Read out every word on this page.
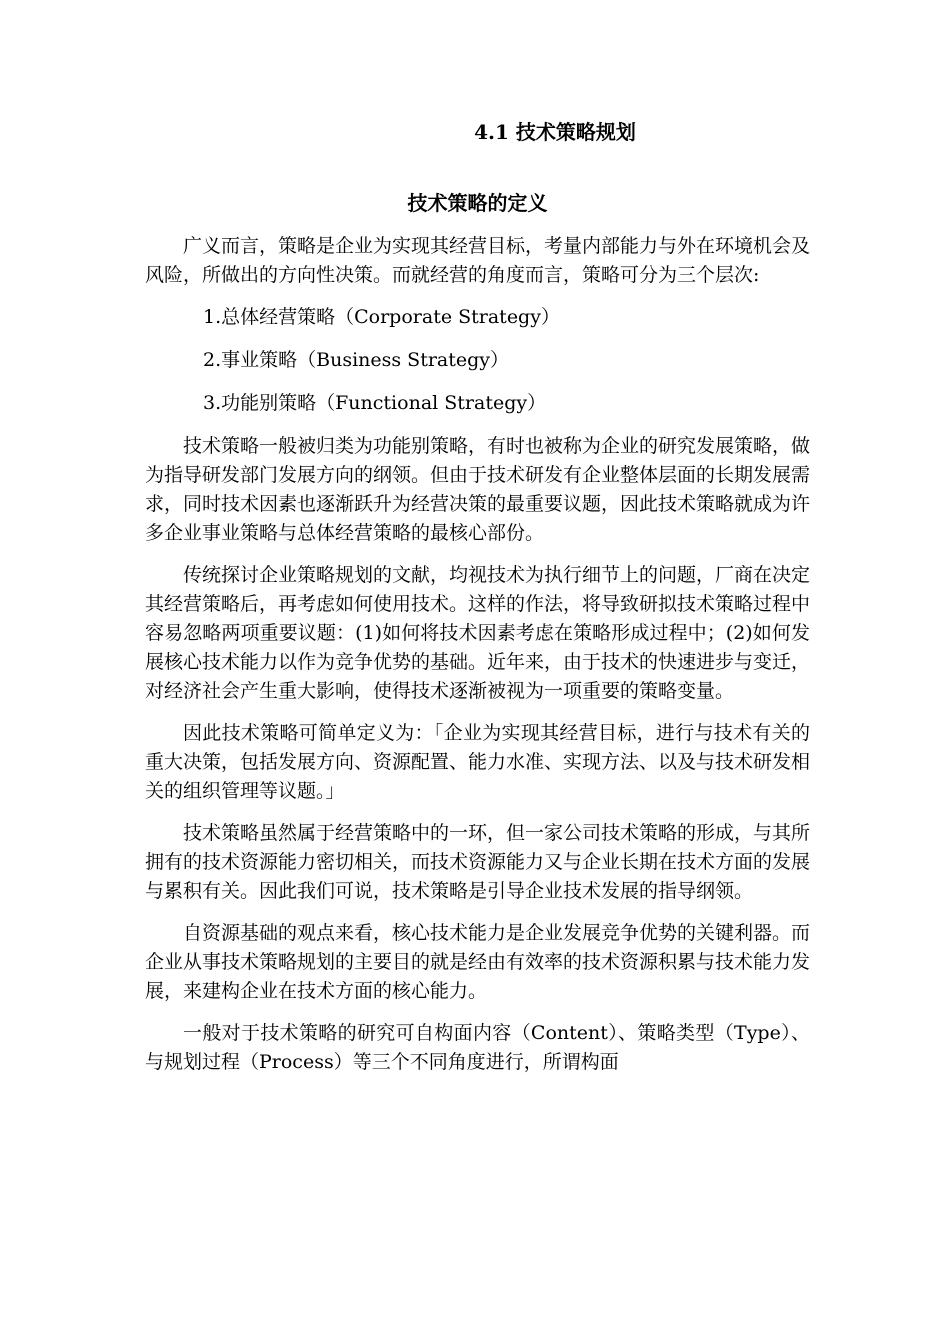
4.1 技术策略规划
技术策略的定义

广义而言，策略是企业为实现其经营目标，考量内部能力与外在环境机会及风险，所做出的方向性决策。而就经营的角度而言，策略可分为三个层次:

1.总体经营策略（Corporate Strategy）

2.事业策略（Business Strategy）

3.功能别策略（Functional Strategy）

技术策略一般被归类为功能别策略，有时也被称为企业的研究发展策略，做为指导研发部门发展方向的纲领。但由于技术研发有企业整体层面的长期发展需求，同时技术因素也逐渐跃升为经营决策的最重要议题，因此技术策略就成为许多企业事业策略与总体经营策略的最核心部份。

传统探讨企业策略规划的文献，均视技术为执行细节上的问题，厂商在决定其经营策略后，再考虑如何使用技术。这样的作法，将导致研拟技术策略过程中容易忽略两项重要议题：(1)如何将技术因素考虑在策略形成过程中；(2)如何发展核心技术能力以作为竞争优势的基础。近年来，由于技术的快速进步与变迁，对经济社会产生重大影响，使得技术逐渐被视为一项重要的策略变量。

因此技术策略可简单定义为：「企业为实现其经营目标，进行与技术有关的重大决策，包括发展方向、资源配置、能力水准、实现方法、以及与技术研发相关的组织管理等议题。」

技术策略虽然属于经营策略中的一环，但一家公司技术策略的形成，与其所拥有的技术资源能力密切相关，而技术资源能力又与企业长期在技术方面的发展与累积有关。因此我们可说，技术策略是引导企业技术发展的指导纲领。

自资源基础的观点来看，核心技术能力是企业发展竞争优势的关键利器。而企业从事技术策略规划的主要目的就是经由有效率的技术资源积累与技术能力发展，来建构企业在技术方面的核心能力。

一般对于技术策略的研究可自构面内容（Content）、策略类型（Type）、与规划过程（Process）等三个不同角度进行，所谓构面
